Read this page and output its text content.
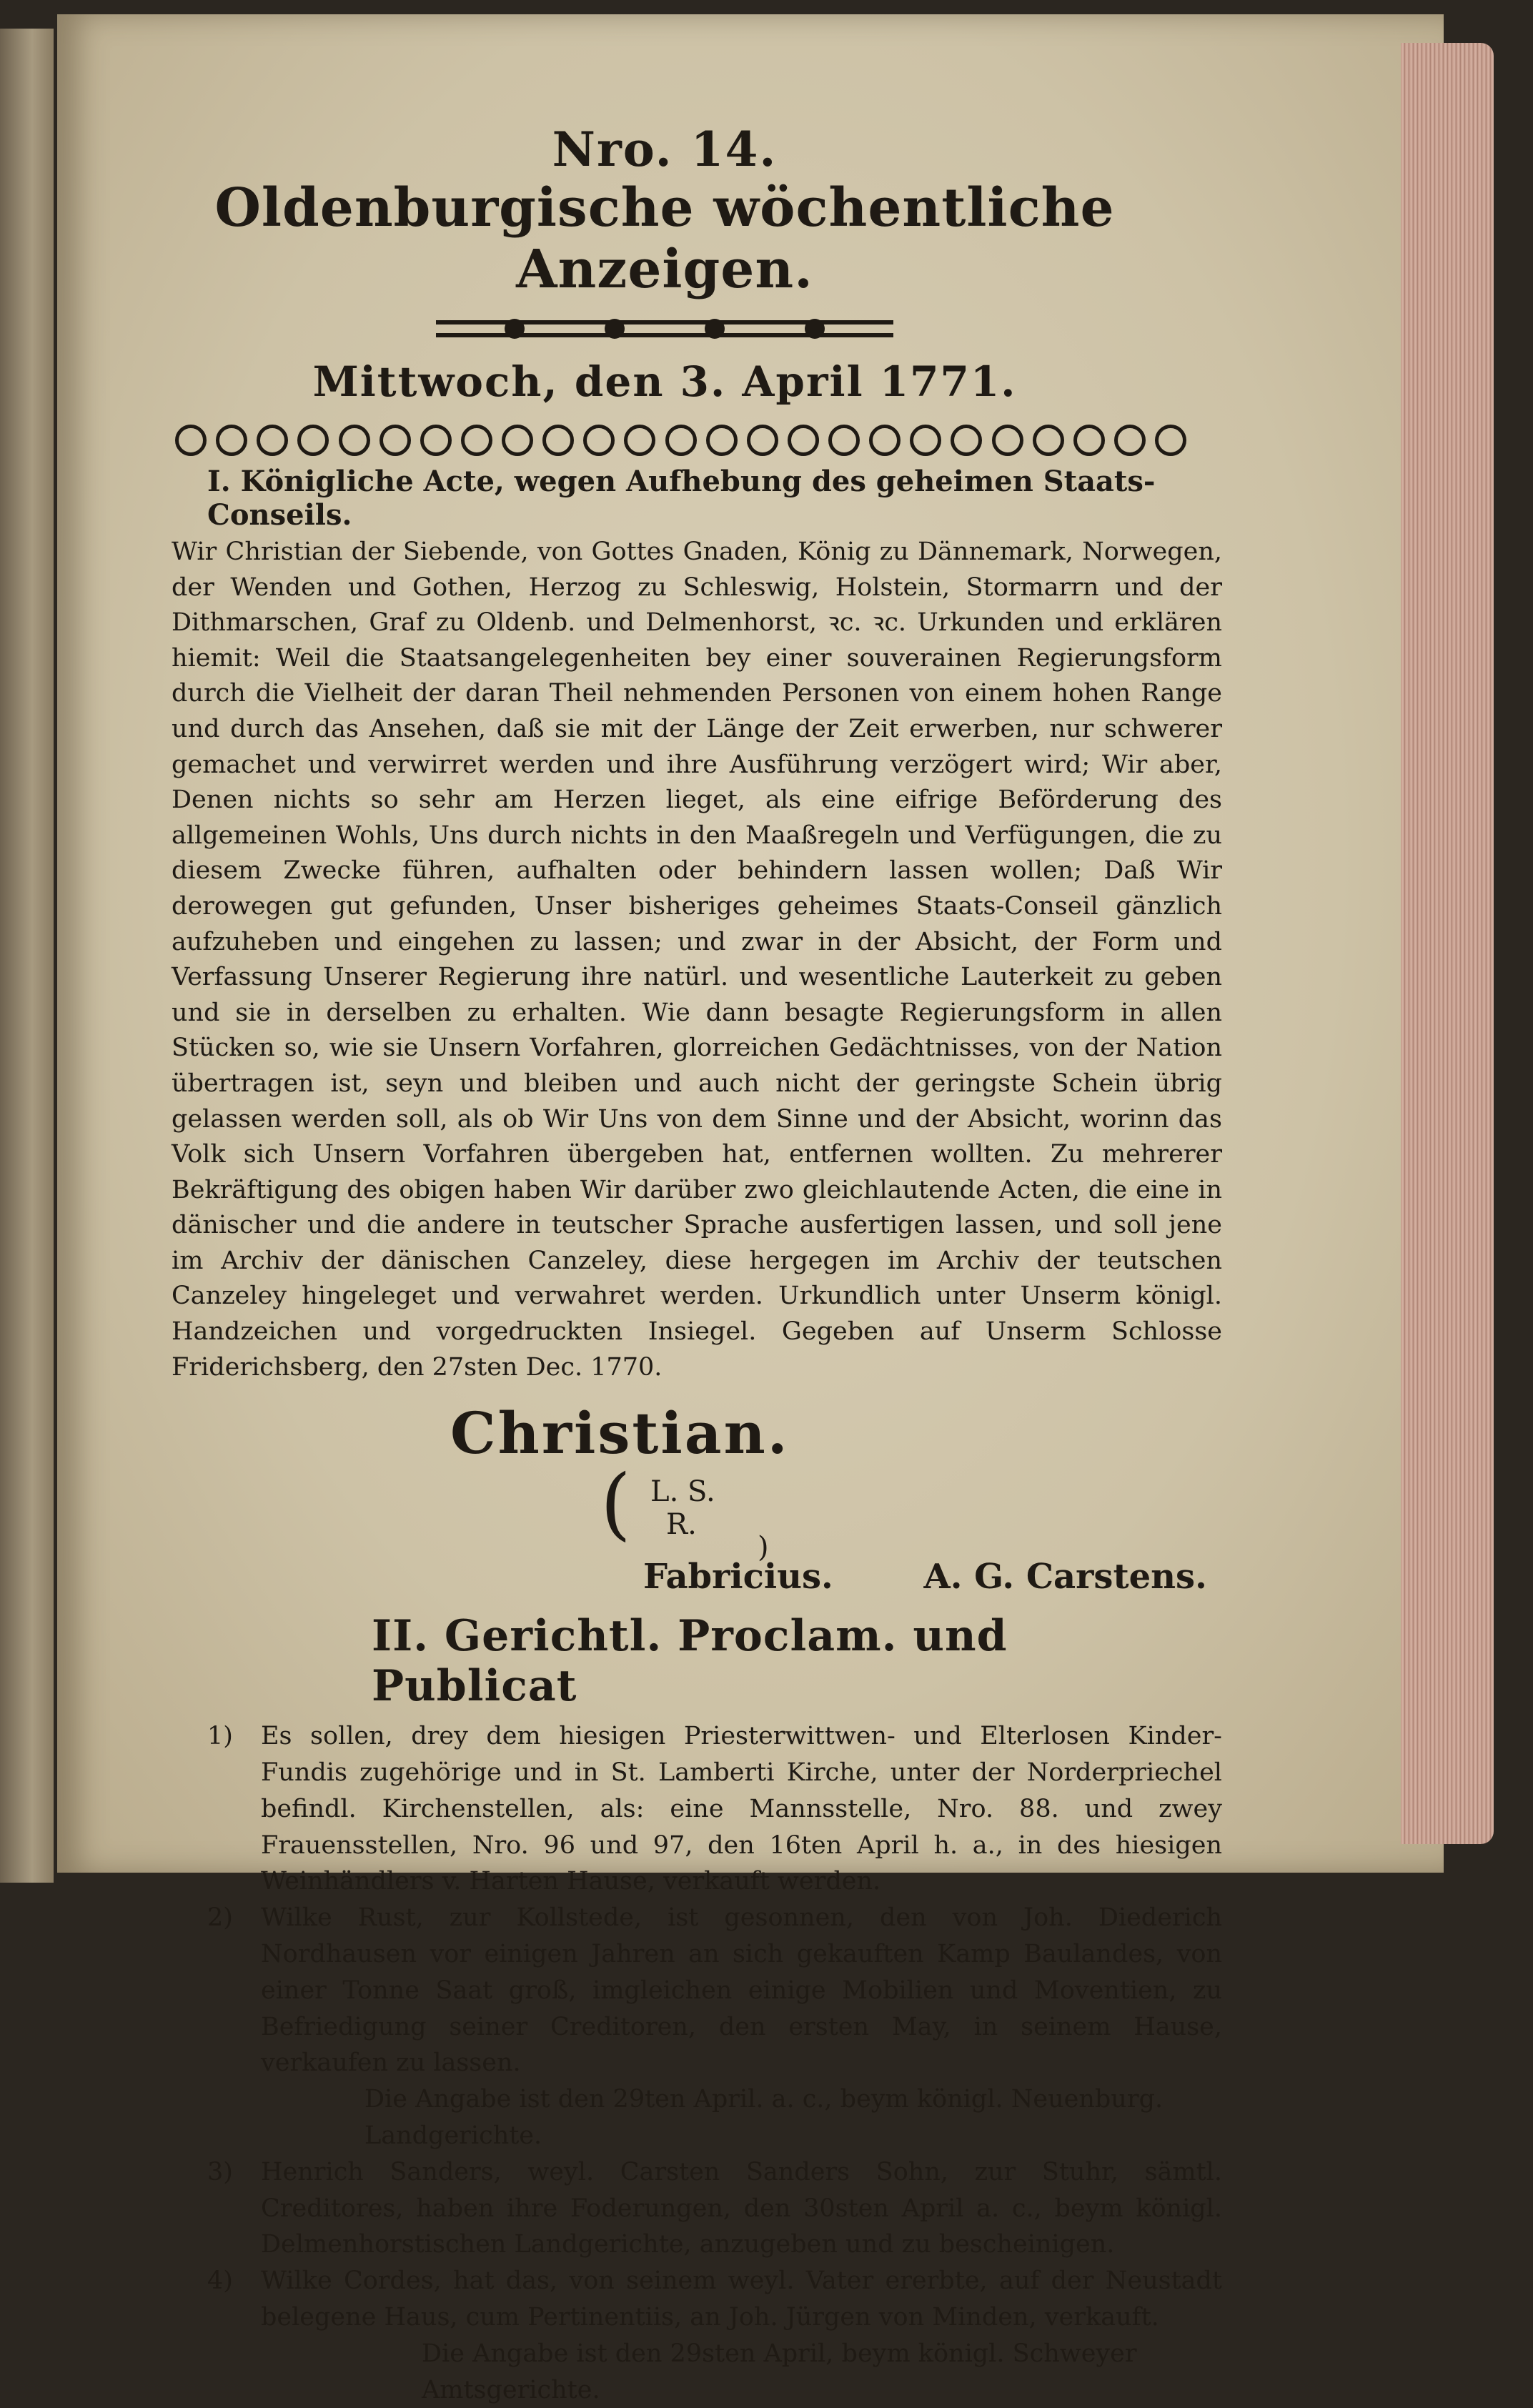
Nro. 14.
Oldenburgische wöchentliche Anzeigen.
Mittwoch, den 3. April 1771.
I. Königliche Acte, wegen Aufhebung des geheimen Staats-Conseils.
Wir Christian der Siebende, von Gottes Gnaden, König zu Dännemark, Norwegen, der Wenden und Gothen, Herzog zu Schleswig, Holstein, Stormarrn und der Dithmarschen, Graf zu Oldenb. und Delmenhorst, ꝛc. ꝛc. Urkunden und erklären hiemit: Weil die Staatsangelegenheiten bey einer souverainen Regierungsform durch die Vielheit der daran Theil nehmenden Personen von einem hohen Range und durch das Ansehen, daß sie mit der Länge der Zeit erwerben, nur schwerer gemachet und verwirret werden und ihre Ausführung verzögert wird; Wir aber, Denen nichts so sehr am Herzen lieget, als eine eifrige Beförderung des allgemeinen Wohls, Uns durch nichts in den Maaßregeln und Verfügungen, die zu diesem Zwecke führen, aufhalten oder behindern lassen wollen; Daß Wir derowegen gut gefunden, Unser bisheriges geheimes Staats-Conseil gänzlich aufzuheben und eingehen zu lassen; und zwar in der Absicht, der Form und Verfassung Unserer Regierung ihre natürl. und wesentliche Lauterkeit zu geben und sie in derselben zu erhalten. Wie dann besagte Regierungsform in allen Stücken so, wie sie Unsern Vorfahren, glorreichen Gedächtnisses, von der Nation übertragen ist, seyn und bleiben und auch nicht der geringste Schein übrig gelassen werden soll, als ob Wir Uns von dem Sinne und der Absicht, worinn das Volk sich Unsern Vorfahren übergeben hat, entfernen wollten. Zu mehrerer Bekräftigung des obigen haben Wir darüber zwo gleichlautende Acten, die eine in dänischer und die andere in teutscher Sprache ausfertigen lassen, und soll jene im Archiv der dänischen Canzeley, diese hergegen im Archiv der teutschen Canzeley hingeleget und verwahret werden. Urkundlich unter Unserm königl. Handzeichen und vorgedruckten Insiegel. Gegeben auf Unserm Schlosse Friderichsberg, den 27sten Dec. 1770.
Christian.
( L. S.
R.
)
Fabricius.	A. G. Carstens.
II. Gerichtl. Proclam. und Publicat
1) Es sollen, drey dem hiesigen Priesterwittwen- und Elterlosen Kinder-Fundis zugehörige und in St. Lamberti Kirche, unter der Norderpriechel befindl. Kirchenstellen, als: eine Mannsstelle, Nro. 88. und zwey Frauensstellen, Nro. 96 und 97, den 16ten April h. a., in des hiesigen Weinhändlers v. Harten Hause, verkauft werden.
2) Wilke Rust, zur Kollstede, ist gesonnen, den von Joh. Diederich Nordhausen vor einigen Jahren an sich gekauften Kamp Baulandes, von einer Tonne Saat groß, imgleichen einige Mobilien und Moventien, zu Befriedigung seiner Creditoren, den ersten May, in seinem Hause, verkaufen zu lassen.
Die Angabe ist den 29ten April. a. c., beym königl. Neuenburg. Landgerichte.
3) Henrich Sanders, weyl. Carsten Sanders Sohn, zur Stuhr, sämtl. Creditores, haben ihre Foderungen, den 30sten April a. c., beym königl. Delmenhorstischen Landgerichte, anzugeben und zu bescheinigen.
4) Wilke Cordes, hat das, von seinem weyl. Vater ererbte, auf der Neustadt belegene Haus, cum Pertinentiis, an Joh. Jürgen von Minden, verkauft.
Die Angabe ist den 29sten April, beym königl. Schweyer Amtsgerichte.
